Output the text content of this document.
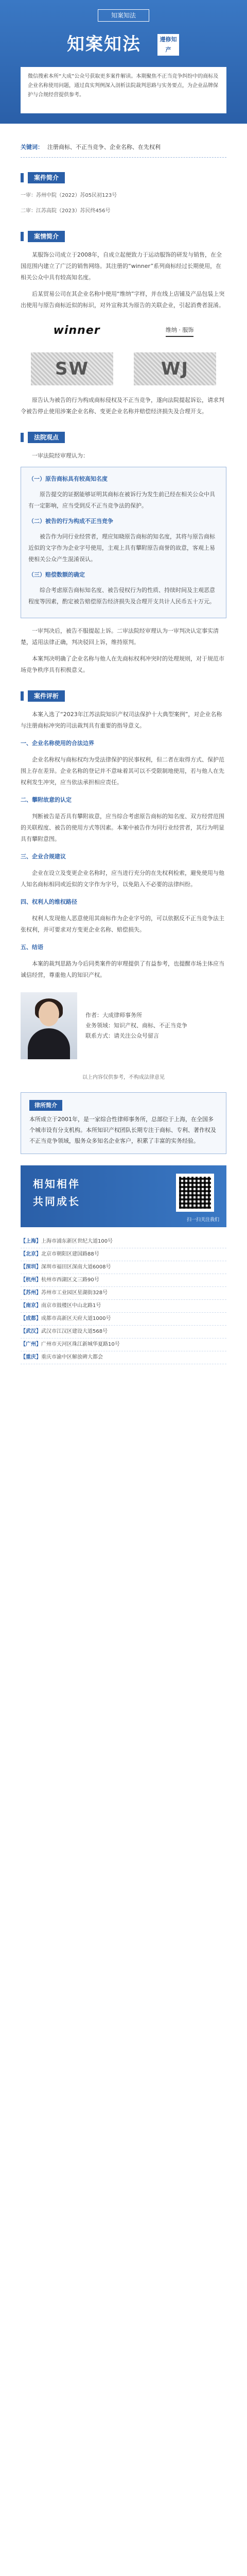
知案知法
知案知法	遵修知产
微信搜索本所“大成”公众号获取更多案件解读。本期聚焦不正当竞争纠纷中的商标及企业名称使用问题，通过真实判例深入剖析法院裁判思路与实务要点，为企业品牌保护与合规经营提供参考。
关键词： 注册商标、不正当竞争、企业名称、在先权利
案件简介

一审：苏州中院（2022）苏05民初123号

二审：江苏高院（2023）苏民终456号

案情简介

某服饰公司成立于2008年，自成立起便致力于运动服饰的研发与销售，在全国范围内建立了广泛的销售网络。其注册的“winner”系列商标经过长期使用，在相关公众中具有较高知名度。

后某贸易公司在其企业名称中使用“维纳”字样，并在线上店铺及产品包装上突出使用与原告商标近似的标识，对外宣称其为原告的关联企业，引起消费者混淆。

winner	维纳 · 服饰
SW	WJ

原告认为被告的行为构成商标侵权及不正当竞争，遂向法院提起诉讼，请求判令被告停止使用涉案企业名称、变更企业名称并赔偿经济损失及合理开支。

法院观点

一审法院经审理认为：

（一）原告商标具有较高知名度

原告提交的证据能够证明其商标在被诉行为发生前已经在相关公众中具有一定影响，应当受到反不正当竞争法的保护。

（二）被告的行为构成不正当竞争

被告作为同行业经营者，理应知晓原告商标的知名度，其将与原告商标近似的文字作为企业字号使用，主观上具有攀附原告商誉的故意，客观上易使相关公众产生混淆误认。

（三）赔偿数额的确定

综合考虑原告商标知名度、被告侵权行为的性质、持续时间及主观恶意程度等因素，酌定被告赔偿原告经济损失及合理开支共计人民币五十万元。

一审判决后，被告不服提起上诉。二审法院经审理认为一审判决认定事实清楚，适用法律正确，判决驳回上诉，维持原判。

本案判决明确了企业名称与他人在先商标权利冲突时的处理规则，对于规范市场竞争秩序具有积极意义。

案件评析

本案入选了“2023年江苏法院知识产权司法保护十大典型案例”，对企业名称与注册商标冲突的司法裁判具有重要的指导意义。

一、企业名称使用的合法边界

企业名称权与商标权均为受法律保护的民事权利，但二者在取得方式、保护范围上存在差异。企业名称的登记并不意味着其可以不受限制地使用，若与他人在先权利发生冲突，应当依法承担相应责任。

二、攀附故意的认定

判断被告是否具有攀附故意，应当综合考虑原告商标的知名度、双方经营范围的关联程度、被告的使用方式等因素。本案中被告作为同行业经营者，其行为明显具有攀附意图。

三、企业合规建议

企业在设立及变更企业名称时，应当进行充分的在先权利检索，避免使用与他人知名商标相同或近似的文字作为字号，以免陷入不必要的法律纠纷。

四、权利人的维权路径

权利人发现他人恶意使用其商标作为企业字号的，可以依据反不正当竞争法主张权利，并可要求对方变更企业名称、赔偿损失。

五、结语

本案的裁判思路为今后同类案件的审理提供了有益参考，也提醒市场主体应当诚信经营，尊重他人的知识产权。

作者：大成律师事务所
业务领域：知识产权、商标、不正当竞争
联系方式：请关注公众号留言
以上内容仅供参考，不构成法律意见
律所简介
本所成立于2001年，是一家综合性律师事务所，总部位于上海，在全国多个城市设有分支机构。本所知识产权团队长期专注于商标、专利、著作权及不正当竞争领域，服务众多知名企业客户，积累了丰富的实务经验。
相知相伴
共同成长
扫一扫关注我们
【上海】上海市浦东新区世纪大道100号
【北京】北京市朝阳区建国路88号
【深圳】深圳市福田区深南大道6008号
【杭州】杭州市西湖区文三路90号
【苏州】苏州市工业园区星湖街328号
【南京】南京市鼓楼区中山北路1号
【成都】成都市高新区天府大道1000号
【武汉】武汉市江汉区建设大道568号
【广州】广州市天河区珠江新城华夏路10号
【重庆】重庆市渝中区解放碑大都会
